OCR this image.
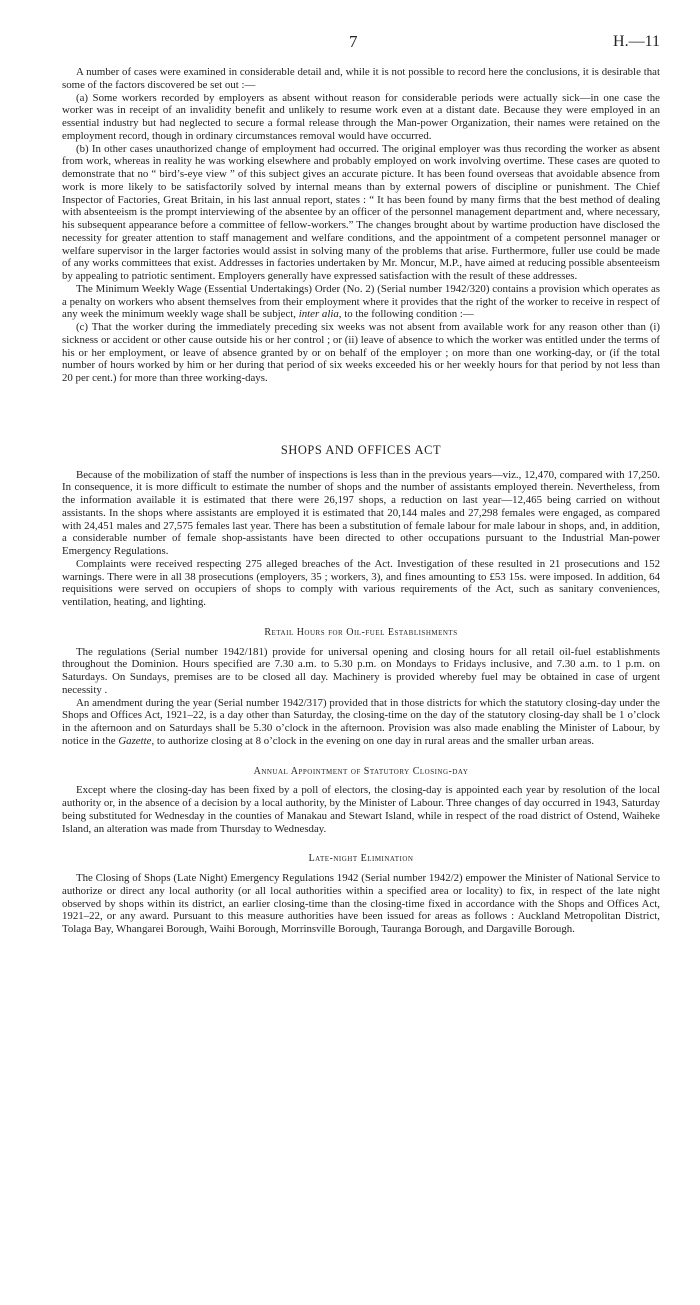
7	H.—11

A number of cases were examined in considerable detail and, while it is not possible to record here the conclusions, it is desirable that some of the factors discovered be set out :—

(a) Some workers recorded by employers as absent without reason for considerable periods were actually sick—in one case the worker was in receipt of an invalidity benefit and unlikely to resume work even at a distant date. Because they were employed in an essential industry but had neglected to secure a formal release through the Man-power Organization, their names were retained on the employment record, though in ordinary circumstances removal would have occurred.

(b) In other cases unauthorized change of employment had occurred. The original employer was thus recording the worker as absent from work, whereas in reality he was working elsewhere and probably employed on work involving overtime. These cases are quoted to demonstrate that no “ bird’s-eye view ” of this subject gives an accurate picture. It has been found overseas that avoidable absence from work is more likely to be satisfactorily solved by internal means than by external powers of discipline or punishment. The Chief Inspector of Factories, Great Britain, in his last annual report, states : “ It has been found by many firms that the best method of dealing with absenteeism is the prompt interviewing of the absentee by an officer of the personnel management department and, where necessary, his subsequent appearance before a committee of fellow-workers.” The changes brought about by wartime production have disclosed the necessity for greater attention to staff management and welfare conditions, and the appointment of a competent personnel manager or welfare supervisor in the larger factories would assist in solving many of the problems that arise. Furthermore, fuller use could be made of any works committees that exist. Addresses in factories undertaken by Mr. Moncur, M.P., have aimed at reducing possible absenteeism by appealing to patriotic sentiment. Employers generally have expressed satisfaction with the result of these addresses.

The Minimum Weekly Wage (Essential Undertakings) Order (No. 2) (Serial number 1942/320) contains a provision which operates as a penalty on workers who absent themselves from their employment where it provides that the right of the worker to receive in respect of any week the minimum weekly wage shall be subject, inter alia, to the following condition :—

(c) That the worker during the immediately preceding six weeks was not absent from available work for any reason other than (i) sickness or accident or other cause outside his or her control ; or (ii) leave of absence to which the worker was entitled under the terms of his or her employment, or leave of absence granted by or on behalf of the employer ; on more than one working-day, or (if the total number of hours worked by him or her during that period of six weeks exceeded his or her weekly hours for that period by not less than 20 per cent.) for more than three working-days.

SHOPS AND OFFICES ACT

Because of the mobilization of staff the number of inspections is less than in the previous years—viz., 12,470, compared with 17,250. In consequence, it is more difficult to estimate the number of shops and the number of assistants employed therein. Nevertheless, from the information available it is estimated that there were 26,197 shops, a reduction on last year—12,465 being carried on without assistants. In the shops where assistants are employed it is estimated that 20,144 males and 27,298 females were engaged, as compared with 24,451 males and 27,575 females last year. There has been a substitution of female labour for male labour in shops, and, in addition, a considerable number of female shop-assistants have been directed to other occupations pursuant to the Industrial Man-power Emergency Regulations.

Complaints were received respecting 275 alleged breaches of the Act. Investigation of these resulted in 21 prosecutions and 152 warnings. There were in all 38 prosecutions (employers, 35 ; workers, 3), and fines amounting to £53 15s. were imposed. In addition, 64 requisitions were served on occupiers of shops to comply with various requirements of the Act, such as sanitary conveniences, ventilation, heating, and lighting.

Retail Hours for Oil-fuel Establishments

The regulations (Serial number 1942/181) provide for universal opening and closing hours for all retail oil-fuel establishments throughout the Dominion. Hours specified are 7.30 a.m. to 5.30 p.m. on Mondays to Fridays inclusive, and 7.30 a.m. to 1 p.m. on Saturdays. On Sundays, premises are to be closed all day. Machinery is provided whereby fuel may be obtained in case of urgent necessity .

An amendment during the year (Serial number 1942/317) provided that in those districts for which the statutory closing-day under the Shops and Offices Act, 1921–22, is a day other than Saturday, the closing-time on the day of the statutory closing-day shall be 1 o’clock in the afternoon and on Saturdays shall be 5.30 o’clock in the afternoon. Provision was also made enabling the Minister of Labour, by notice in the Gazette, to authorize closing at 8 o’clock in the evening on one day in rural areas and the smaller urban areas.

Annual Appointment of Statutory Closing-day

Except where the closing-day has been fixed by a poll of electors, the closing-day is appointed each year by resolution of the local authority or, in the absence of a decision by a local authority, by the Minister of Labour. Three changes of day occurred in 1943, Saturday being substituted for Wednesday in the counties of Manakau and Stewart Island, while in respect of the road district of Ostend, Waiheke Island, an alteration was made from Thursday to Wednesday.

Late-night Elimination

The Closing of Shops (Late Night) Emergency Regulations 1942 (Serial number 1942/2) empower the Minister of National Service to authorize or direct any local authority (or all local authorities within a specified area or locality) to fix, in respect of the late night observed by shops within its district, an earlier closing-time than the closing-time fixed in accordance with the Shops and Offices Act, 1921–22, or any award. Pursuant to this measure authorities have been issued for areas as follows : Auckland Metropolitan District, Tolaga Bay, Whangarei Borough, Waihi Borough, Morrinsville Borough, Tauranga Borough, and Dargaville Borough.
